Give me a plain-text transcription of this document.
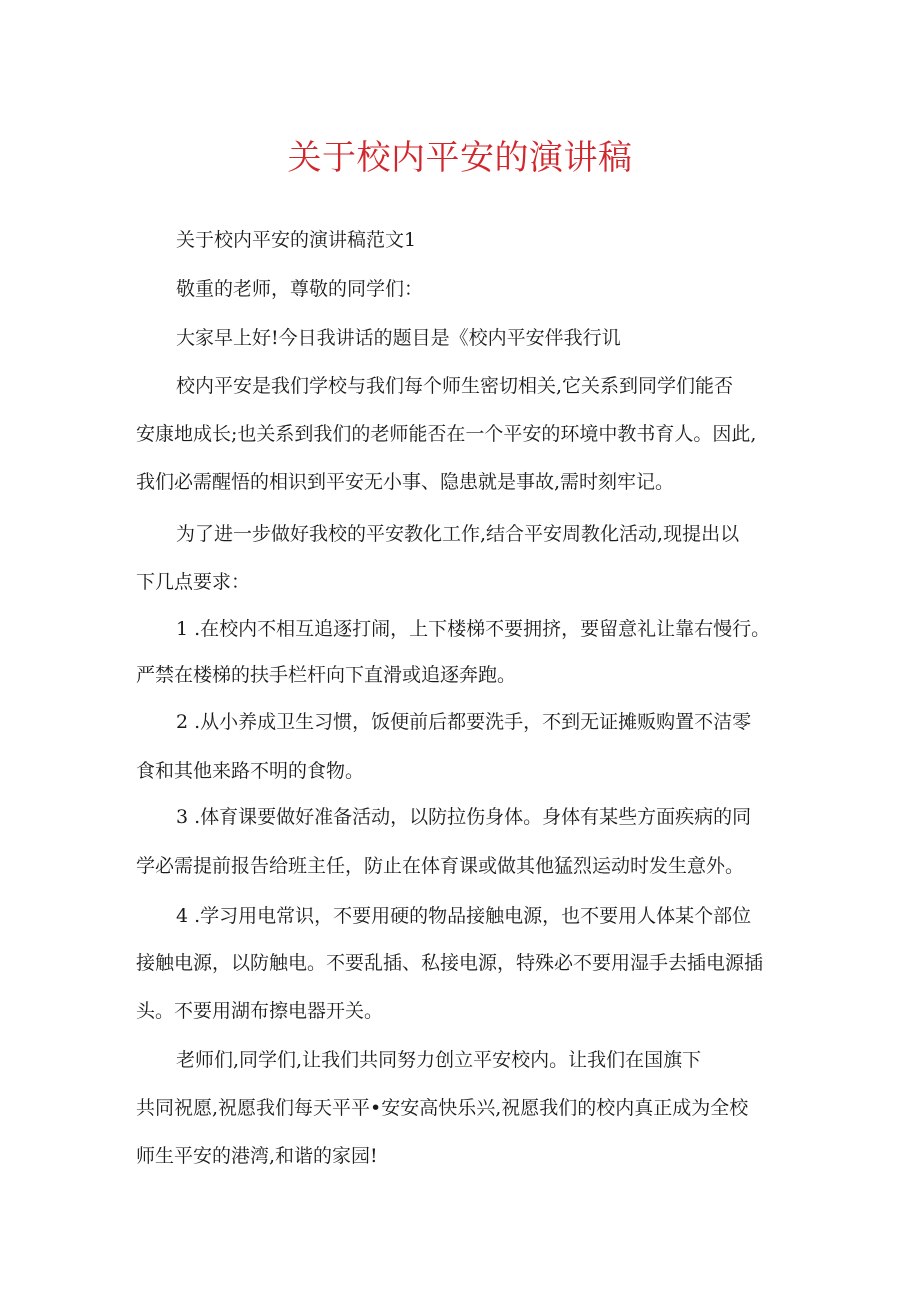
关于校内平安的演讲稿

关于校内平安的演讲稿范文1

敬重的老师，尊敬的同学们：

大家早上好!今日我讲话的题目是《校内平安伴我行讥

校内平安是我们学校与我们每个师生密切相关,它关系到同学们能否

安康地成长;也关系到我们的老师能否在一个平安的环境中教书育人。因此,

我们必需醒悟的相识到平安无小事、隐患就是事故,需时刻牢记。

为了进一步做好我校的平安教化工作,结合平安周教化活动,现提出以

下几点要求：

1 .在校内不相互追逐打闹，上下楼梯不要拥挤，要留意礼让靠右慢行。

严禁在楼梯的扶手栏杆向下直滑或追逐奔跑。

2 .从小养成卫生习惯，饭便前后都要洗手，不到无证摊贩购置不洁零

食和其他来路不明的食物。

3 .体育课要做好准备活动，以防拉伤身体。身体有某些方面疾病的同

学必需提前报告给班主任，防止在体育课或做其他猛烈运动时发生意外。

4 .学习用电常识，不要用硬的物品接触电源，也不要用人体某个部位

接触电源，以防触电。不要乱插、私接电源，特殊必不要用湿手去插电源插

头。不要用湖布擦电器开关。

老师们,同学们,让我们共同努力创立平安校内。让我们在国旗下

共同祝愿,祝愿我们每天平平•安安高快乐兴,祝愿我们的校内真正成为全校

师生平安的港湾,和谐的家园!
